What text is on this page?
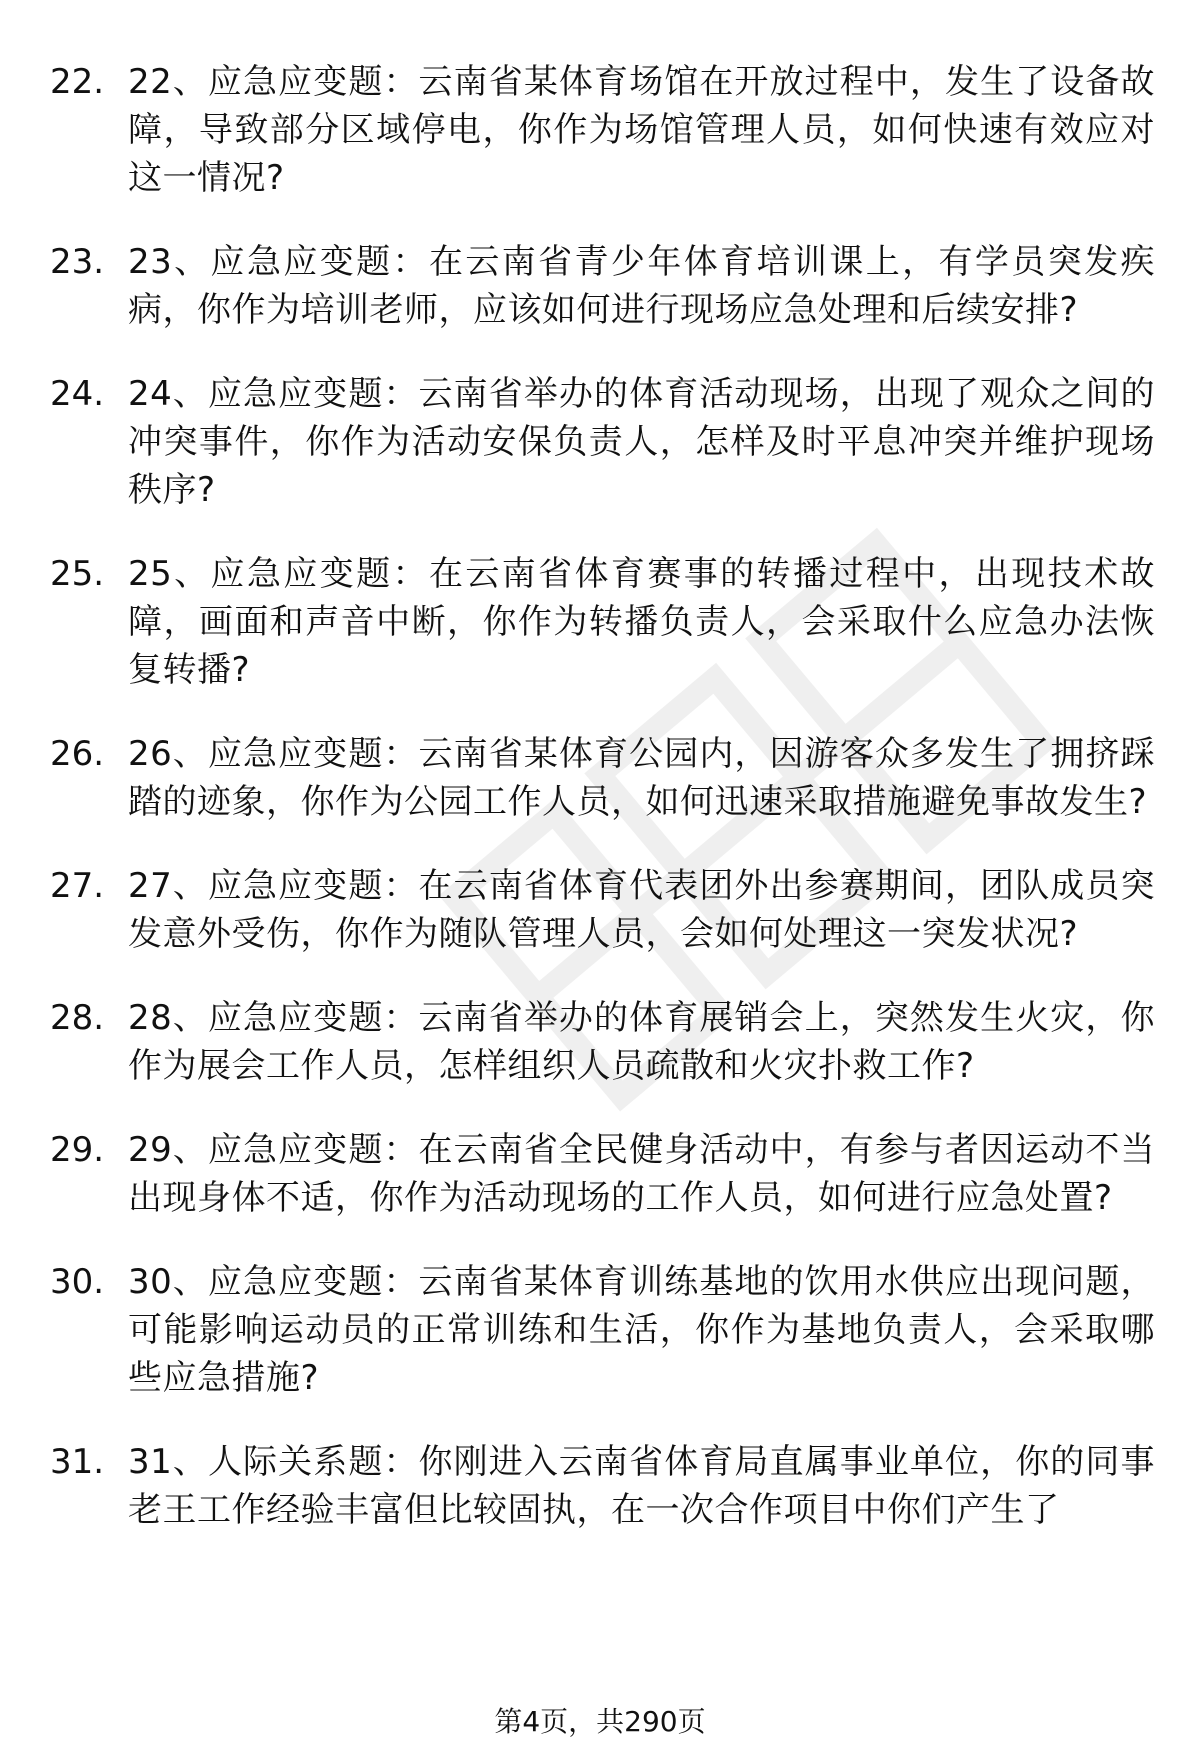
22. 22、应急应变题：云南省某体育场馆在开放过程中，发生了设备故障，导致部分区域停电，你作为场馆管理人员，如何快速有效应对这一情况?
23. 23、应急应变题：在云南省青少年体育培训课上，有学员突发疾病，你作为培训老师，应该如何进行现场应急处理和后续安排?
24. 24、应急应变题：云南省举办的体育活动现场，出现了观众之间的冲突事件，你作为活动安保负责人，怎样及时平息冲突并维护现场秩序?
25. 25、应急应变题：在云南省体育赛事的转播过程中，出现技术故障，画面和声音中断，你作为转播负责人，会采取什么应急办法恢复转播?
26. 26、应急应变题：云南省某体育公园内，因游客众多发生了拥挤踩踏的迹象，你作为公园工作人员，如何迅速采取措施避免事故发生?
27. 27、应急应变题：在云南省体育代表团外出参赛期间，团队成员突发意外受伤，你作为随队管理人员，会如何处理这一突发状况?
28. 28、应急应变题：云南省举办的体育展销会上，突然发生火灾，你作为展会工作人员，怎样组织人员疏散和火灾扑救工作?
29. 29、应急应变题：在云南省全民健身活动中，有参与者因运动不当出现身体不适，你作为活动现场的工作人员，如何进行应急处置?
30. 30、应急应变题：云南省某体育训练基地的饮用水供应出现问题，可能影响运动员的正常训练和生活，你作为基地负责人，会采取哪些应急措施?
31. 31、人际关系题：你刚进入云南省体育局直属事业单位，你的同事老王工作经验丰富但比较固执，在一次合作项目中你们产生了
第4页，共290页
